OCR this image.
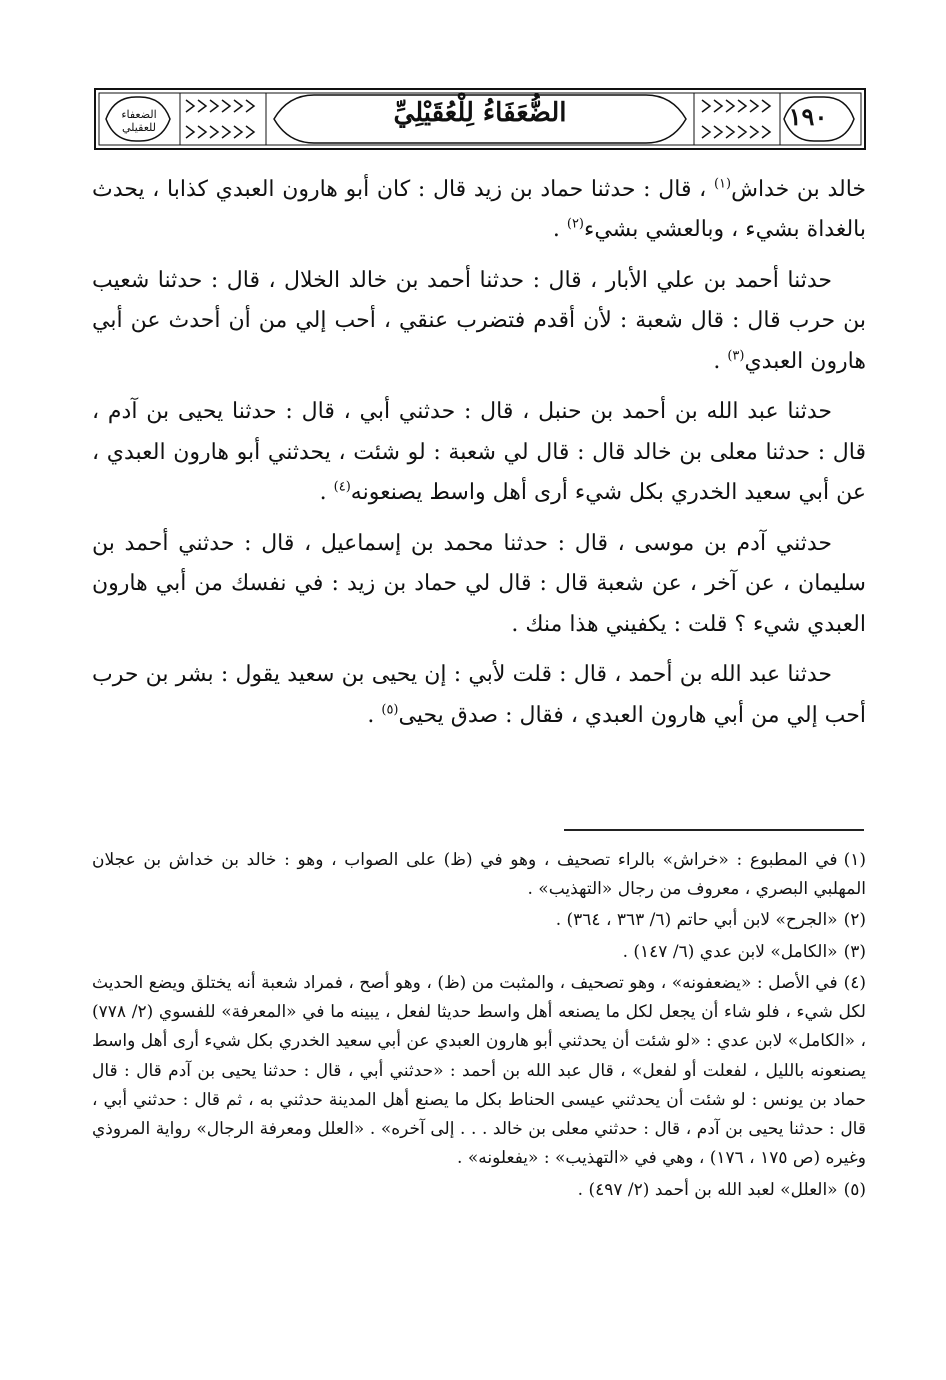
١٩٠
الضُّعَفَاءُ لِلْعُقَيْلِيِّ
الضعفاء للعقيلي

خالد بن خداش$^{(١)}$ ، قال : حدثنا حماد بن زيد قال : كان أبو هارون العبدي كذابا ، يحدث بالغداة بشيء ، وبالعشي بشيء$^{(٢)}$ .

حدثنا أحمد بن علي الأبار ، قال : حدثنا أحمد بن خالد الخلال ، قال : حدثنا شعيب بن حرب قال : قال شعبة : لأن أقدم فتضرب عنقي ، أحب إلي من أن أحدث عن أبي هارون العبدي$^{(٣)}$ .

حدثنا عبد الله بن أحمد بن حنبل ، قال : حدثني أبي ، قال : حدثنا يحيى بن آدم ، قال : حدثنا معلى بن خالد قال : قال لي شعبة : لو شئت ، يحدثني أبو هارون العبدي ، عن أبي سعيد الخدري بكل شيء أرى أهل واسط يصنعونه$^{(٤)}$ .

حدثني آدم بن موسى ، قال : حدثنا محمد بن إسماعيل ، قال : حدثني أحمد بن سليمان ، عن آخر ، عن شعبة قال : قال لي حماد بن زيد : في نفسك من أبي هارون العبدي شيء ؟ قلت : يكفيني هذا منك .

حدثنا عبد الله بن أحمد ، قال : قلت لأبي : إن يحيى بن سعيد يقول : بشر بن حرب أحب إلي من أبي هارون العبدي ، فقال : صدق يحيى$^{(٥)}$ .

(١)في المطبوع : «خراش» بالراء تصحيف ، وهو في (ظ) على الصواب ، وهو : خالد بن خداش بن عجلان المهلبي البصري ، معروف من رجال «التهذيب» .

(٢)«الجرح» لابن أبي حاتم (٦/ ٣٦٣ ، ٣٦٤) .

(٣)«الكامل» لابن عدي (٦/ ١٤٧) .

(٤)في الأصل : «يضعفونه» ، وهو تصحيف ، والمثبت من (ظ) ، وهو أصح ، فمراد شعبة أنه يختلق ويضع الحديث لكل شيء ، فلو شاء أن يجعل لكل ما يصنعه أهل واسط حديثا لفعل ، يبينه ما في «المعرفة» للفسوي (٢/ ٧٧٨) ، «الكامل» لابن عدي : «لو شئت أن يحدثني أبو هارون العبدي عن أبي سعيد الخدري بكل شيء أرى أهل واسط يصنعونه بالليل ، لفعلت أو لفعل» ، قال عبد الله بن أحمد : «حدثني أبي ، قال : حدثنا يحيى بن آدم قال : قال حماد بن يونس : لو شئت أن يحدثني عيسى الحناط بكل ما يصنع أهل المدينة حدثني به ، ثم قال : حدثني أبي ، قال : حدثنا يحيى بن آدم ، قال : حدثني معلى بن خالد . . . إلى آخره» . «العلل ومعرفة الرجال» رواية المروذي وغيره (ص ١٧٥ ، ١٧٦) ، وهي في «التهذيب» : «يفعلونه» .

(٥)«العلل» لعبد الله بن أحمد (٢/ ٤٩٧) .
